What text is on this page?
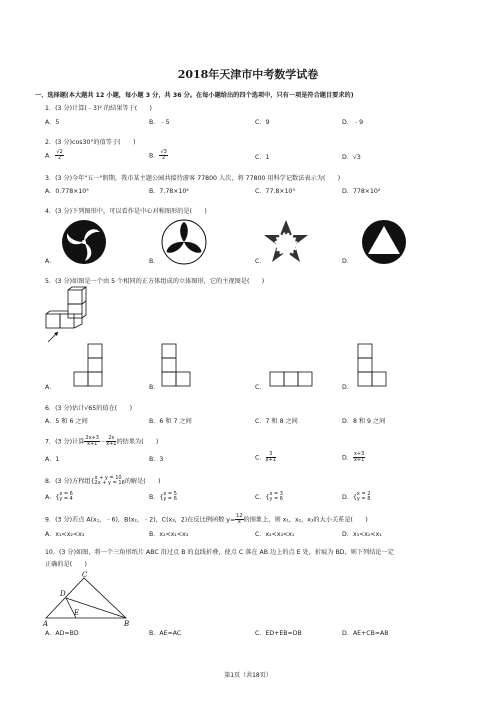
2018年天津市中考数学试卷
一、选择题(本大题共 12 小题，每小题 3 分，共 36 分。在每小题给出的四个选项中，只有一项是符合题目要求的)
1．(3 分)计算(﹣3)² 的结果等于(　　)
A．5	B．﹣5	C．9	D．﹣9
2．(3 分)cos30°的值等于(　　)
A． $\frac{√2}{2}$	B． $\frac{√3}{2}$	C．1	D．√3
3．(3 分)今年"五一"假期，我市某主题公园共接待游客 77800 人次，将 77800 用科学记数法表示为(　　)
A．0.778×10⁵	B．7.78×10⁴	C．77.8×10³	D．778×10²
4．(3 分)下列图形中，可以看作是中心对称图形的是(　　)
A．	B．	C．	D．
5．(3 分)如图是一个由 5 个相同的正方体组成的立体图形，它的主视图是(　　)
A．	B．	C．	D．
6．(3 分)估计√65的值在(　　)
A．5 和 6 之间	B．6 和 7 之间	C．7 和 8 之间	D．8 和 9 之间
7．(3 分)计算 $\frac{2x+3}{x+1} - \frac{2x}{x+1}$ 的结果为(　　)
A．1	B．3	C． $\frac{3}{x+1}$	D． $\frac{x+3}{x+1}$
8．(3 分)方程组{ x + y = 10
2x + y = 16 的解是(　　)
A．{ x = 6
y = 4	B．{ x = 5
y = 6	C．{ x = 3
y = 6	D．{ x = 2
y = 8
9．(3 分)若点 A(x₁，﹣6)，B(x₂，﹣2)，C(x₃，2)在反比例函数 $y= \frac{12}{x}$ 的图象上，则 x₁，x₂，x₃的大小关系是(　　)
A．x₁<x₂<x₃	B．x₂<x₁<x₃	C．x₂<x₃<x₁	D．x₃<x₂<x₁
10．(3 分)如图，将一个三角形纸片 ABC 沿过点 B 的直线折叠，使点 C 落在 AB 边上的点 E 处，折痕为 BD，则下列结论一定
正确的是(　　)
C
D
A
E
B
A．AD=BD	B．AE=AC	C．ED+EB=DB	D．AE+CB=AB
第1页（共18页）
